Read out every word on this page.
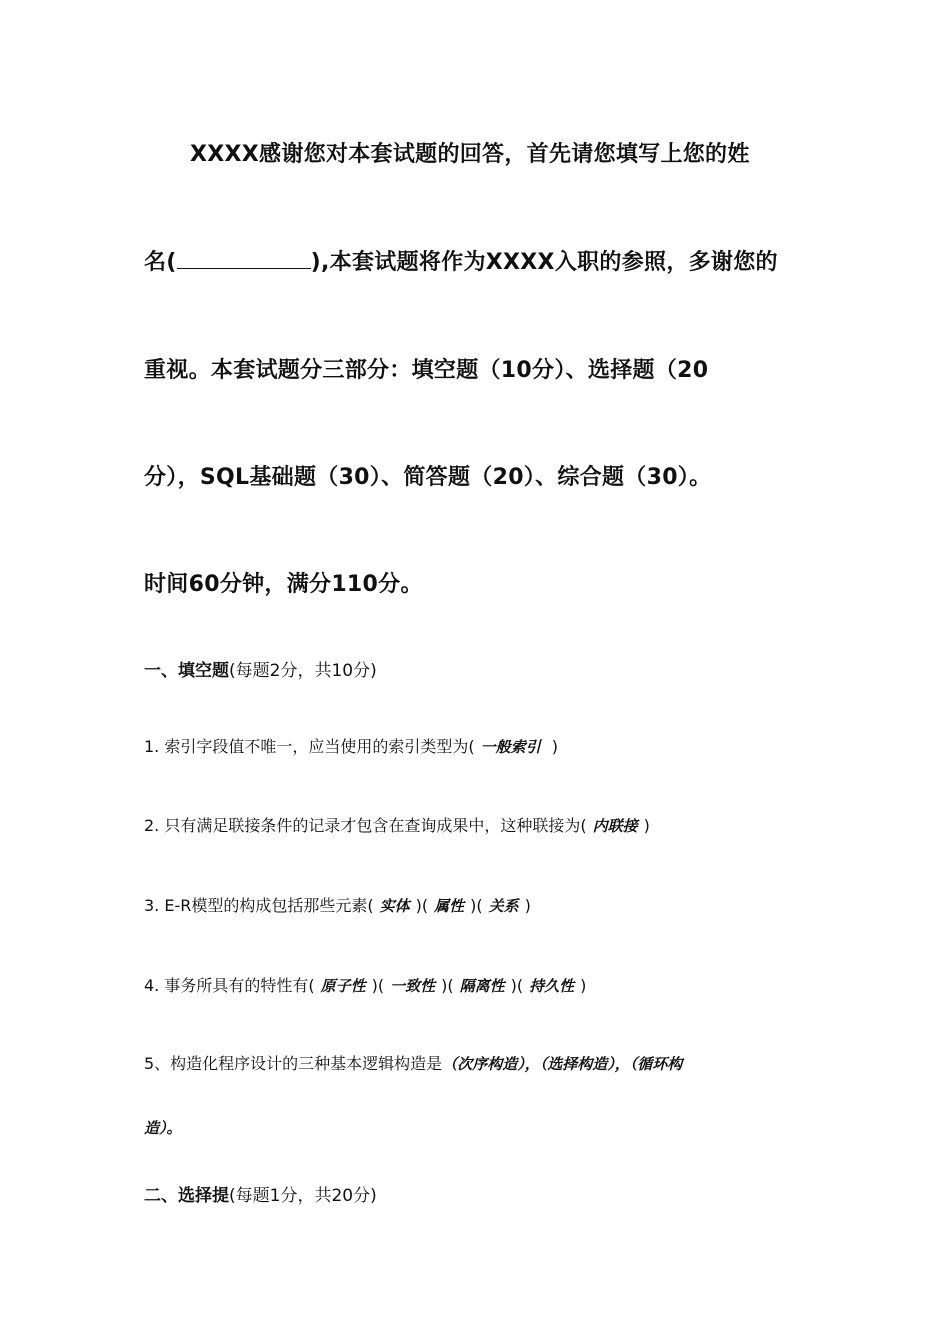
XXXX感谢您对本套试题的回答，首先请您填写上您的姓
名(	),本套试题将作为XXXX入职的参照，多谢您的
重视。本套试题分三部分：填空题（10分）、选择题（20
分），SQL基础题（30）、简答题（20）、综合题（30）。
时间60分钟，满分110分。
一、填空题(每题2分，共10分)
1. 索引字段值不唯一，应当使用的索引类型为( 一般索引 )
2. 只有满足联接条件的记录才包含在查询成果中，这种联接为( 内联接 )
3. E-R模型的构成包括那些元素( 实体 )( 属性 )( 关系 )
4. 事务所具有的特性有( 原子性 )( 一致性 )( 隔离性 )( 持久性 )
5、构造化程序设计的三种基本逻辑构造是（次序构造），（选择构造），（循环构
造）。
二、选择提(每题1分，共20分)
